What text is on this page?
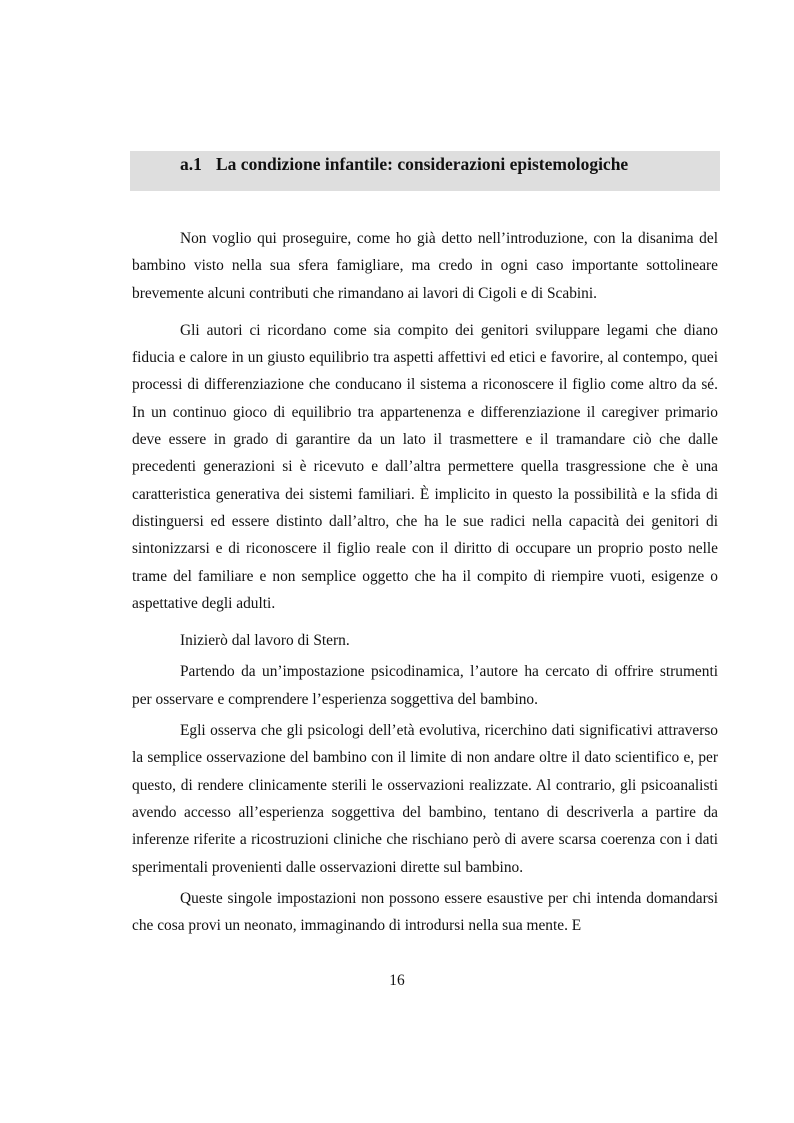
a.1 La condizione infantile: considerazioni epistemologiche

Non voglio qui proseguire, come ho già detto nell’introduzione, con la disanima del bambino visto nella sua sfera famigliare, ma credo in ogni caso importante sottolineare brevemente alcuni contributi che rimandano ai lavori di Cigoli e di Scabini.

Gli autori ci ricordano come sia compito dei genitori sviluppare legami che diano fiducia e calore in un giusto equilibrio tra aspetti affettivi ed etici e favorire, al contempo, quei processi di differenziazione che conducano il sistema a riconoscere il figlio come altro da sé. In un continuo gioco di equilibrio tra appartenenza e differenziazione il caregiver primario deve essere in grado di garantire da un lato il trasmettere e il tramandare ciò che dalle precedenti generazioni si è ricevuto e dall’altra permettere quella trasgressione che è una caratteristica generativa dei sistemi familiari. È implicito in questo la possibilità e la sfida di distinguersi ed essere distinto dall’altro, che ha le sue radici nella capacità dei genitori di sintonizzarsi e di riconoscere il figlio reale con il diritto di occupare un proprio posto nelle trame del familiare e non semplice oggetto che ha il compito di riempire vuoti, esigenze o aspettative degli adulti.

Inizierò dal lavoro di Stern.

Partendo da un’impostazione psicodinamica, l’autore ha cercato di offrire strumenti per osservare e comprendere l’esperienza soggettiva del bambino.

Egli osserva che gli psicologi dell’età evolutiva, ricerchino dati significativi attraverso la semplice osservazione del bambino con il limite di non andare oltre il dato scientifico e, per questo, di rendere clinicamente sterili le osservazioni realizzate. Al contrario, gli psicoanalisti avendo accesso all’esperienza soggettiva del bambino, tentano di descriverla a partire da inferenze riferite a ricostruzioni cliniche che rischiano però di avere scarsa coerenza con i dati sperimentali provenienti dalle osservazioni dirette sul bambino.

Queste singole impostazioni non possono essere esaustive per chi intenda domandarsi che cosa provi un neonato, immaginando di introdursi nella sua mente. E

16
